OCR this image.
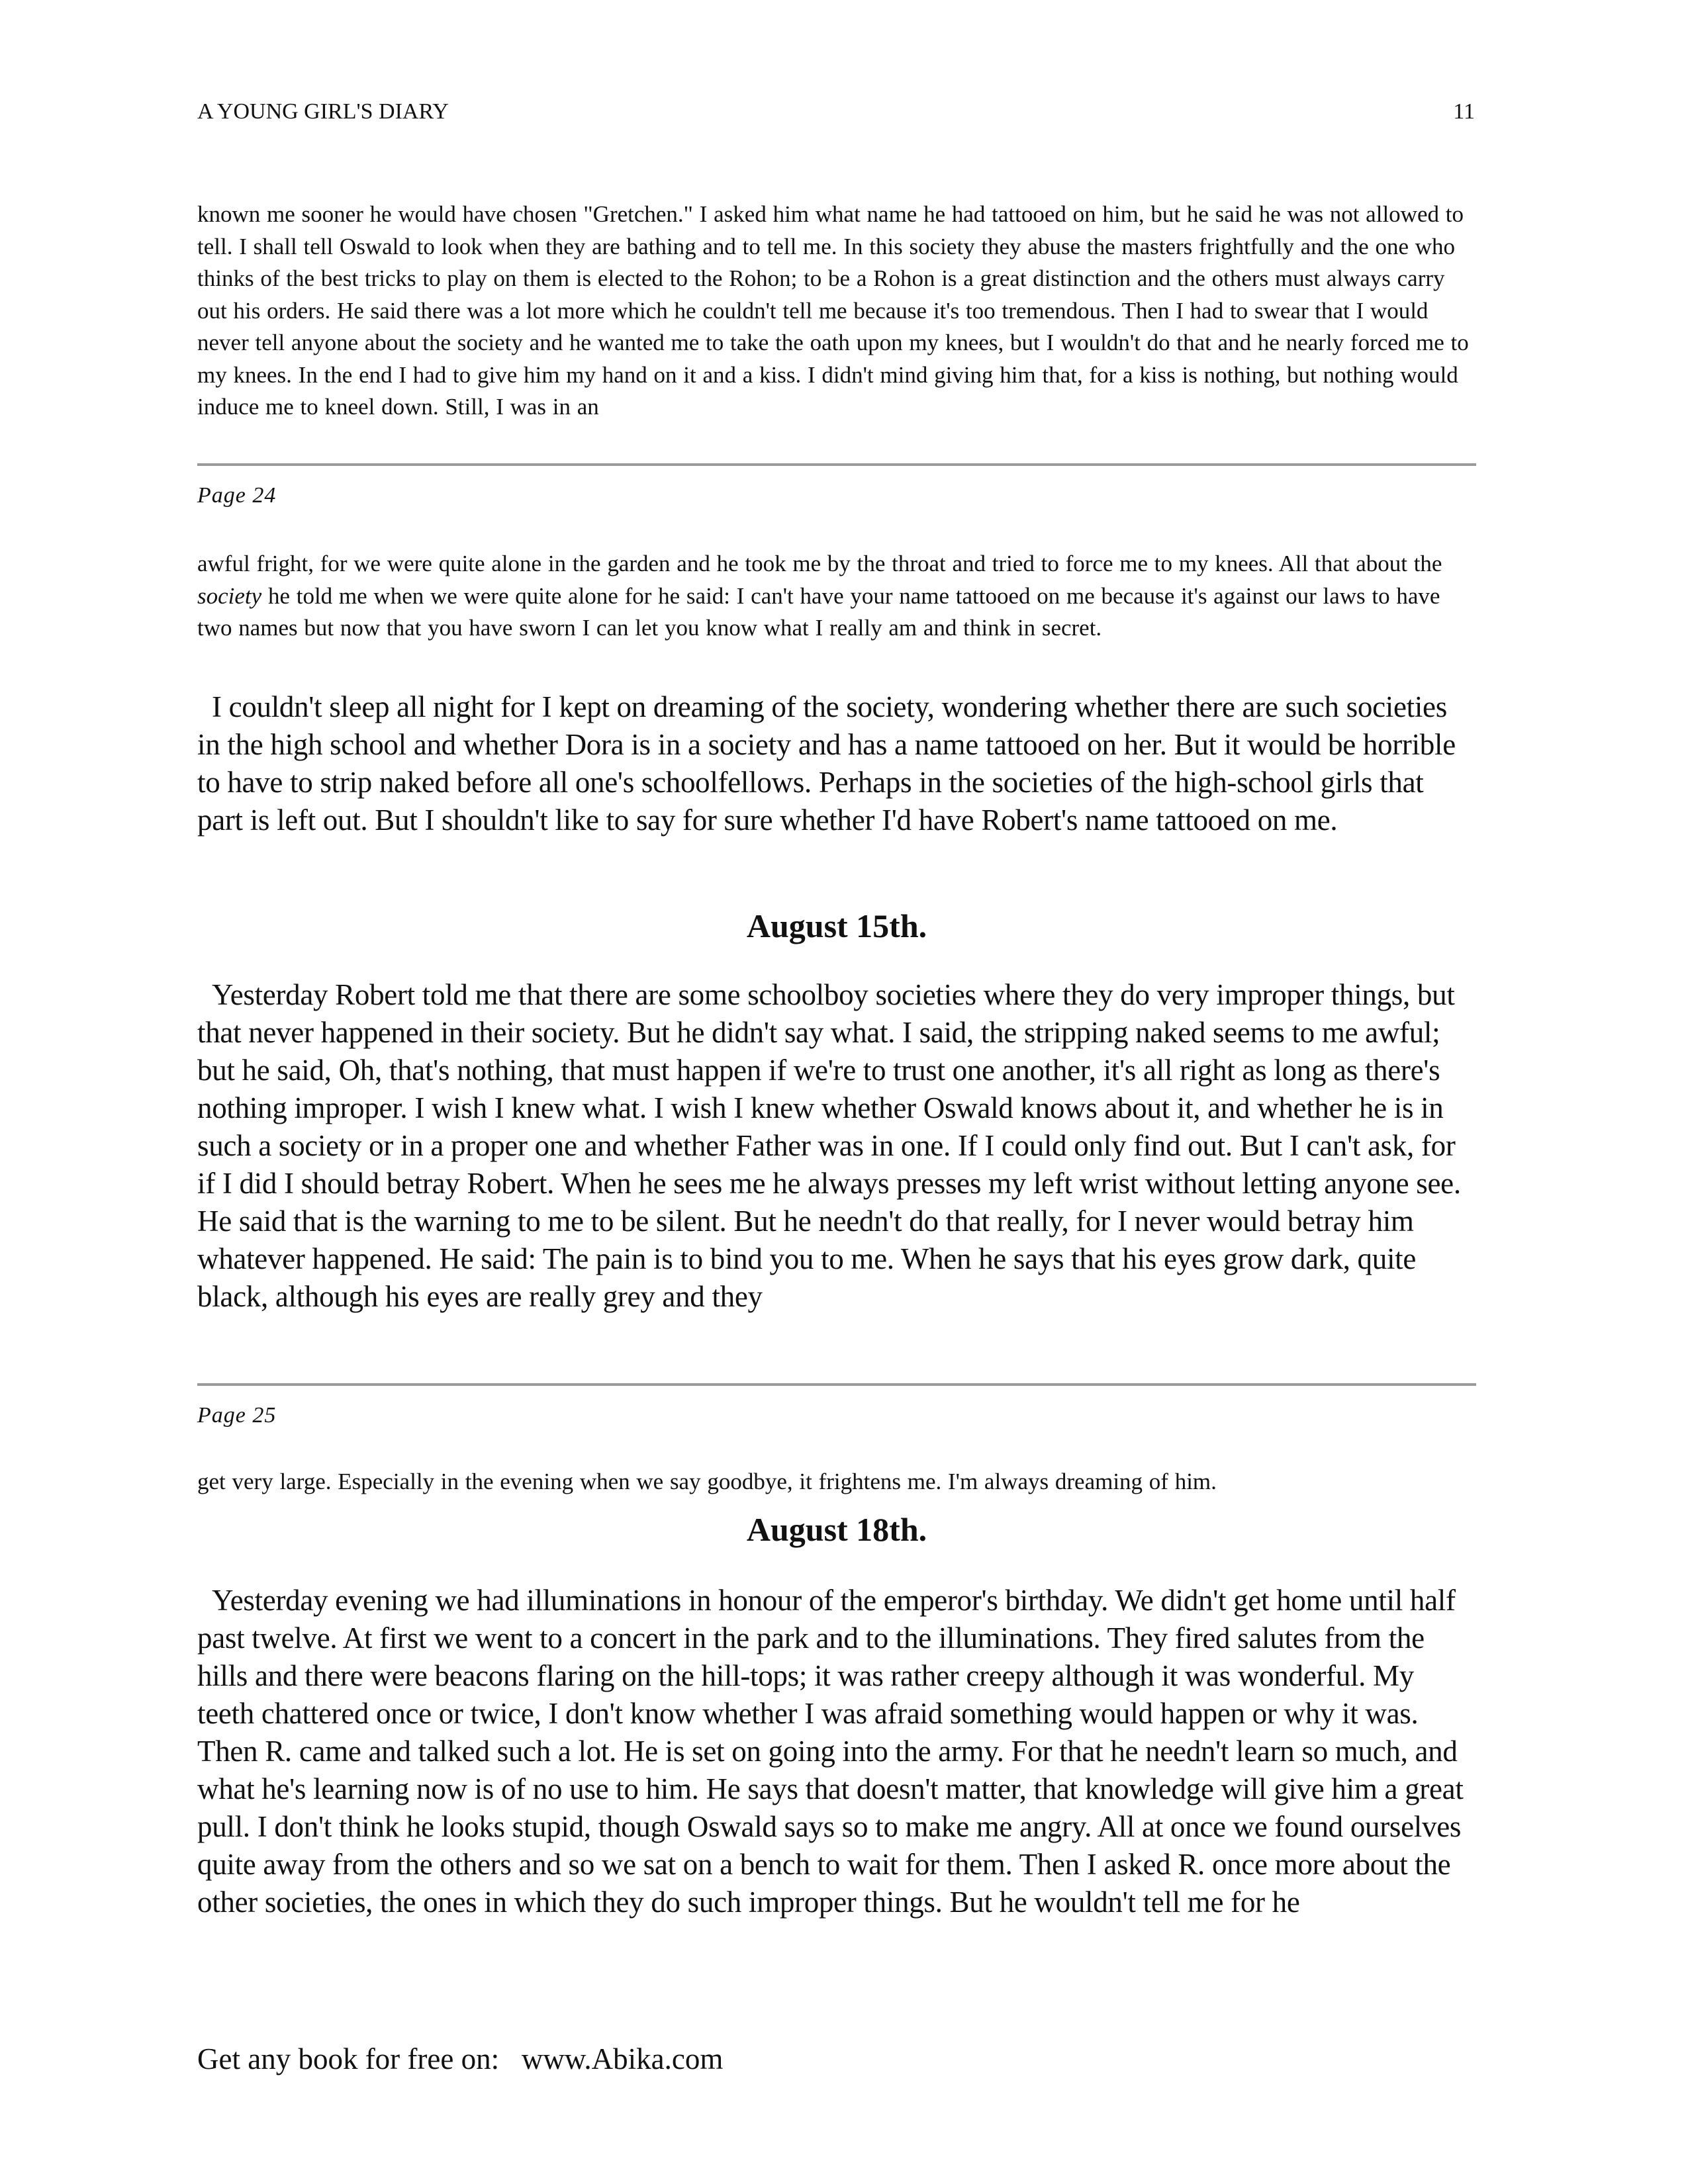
A YOUNG GIRL'S DIARY	11

known me sooner he would have chosen "Gretchen." I asked him what name he had tattooed on him, but he said he was not allowed to tell. I shall tell Oswald to look when they are bathing and to tell me. In this society they abuse the masters frightfully and the one who thinks of the best tricks to play on them is elected to the Rohon; to be a Rohon is a great distinction and the others must always carry out his orders. He said there was a lot more which he couldn't tell me because it's too tremendous. Then I had to swear that I would never tell anyone about the society and he wanted me to take the oath upon my knees, but I wouldn't do that and he nearly forced me to my knees. In the end I had to give him my hand on it and a kiss. I didn't mind giving him that, for a kiss is nothing, but nothing would induce me to kneel down. Still, I was in an

Page 24

awful fright, for we were quite alone in the garden and he took me by the throat and tried to force me to my knees. All that about the society he told me when we were quite alone for he said: I can't have your name tattooed on me because it's against our laws to have two names but now that you have sworn I can let you know what I really am and think in secret.

I couldn't sleep all night for I kept on dreaming of the society, wondering whether there are such societies in the high school and whether Dora is in a society and has a name tattooed on her. But it would be horrible to have to strip naked before all one's schoolfellows. Perhaps in the societies of the high-school girls that part is left out. But I shouldn't like to say for sure whether I'd have Robert's name tattooed on me.

August 15th.

Yesterday Robert told me that there are some schoolboy societies where they do very improper things, but that never happened in their society. But he didn't say what. I said, the stripping naked seems to me awful; but he said, Oh, that's nothing, that must happen if we're to trust one another, it's all right as long as there's nothing improper. I wish I knew what. I wish I knew whether Oswald knows about it, and whether he is in such a society or in a proper one and whether Father was in one. If I could only find out. But I can't ask, for if I did I should betray Robert. When he sees me he always presses my left wrist without letting anyone see. He said that is the warning to me to be silent. But he needn't do that really, for I never would betray him whatever happened. He said: The pain is to bind you to me. When he says that his eyes grow dark, quite black, although his eyes are really grey and they

Page 25

get very large. Especially in the evening when we say goodbye, it frightens me. I'm always dreaming of him.

August 18th.

Yesterday evening we had illuminations in honour of the emperor's birthday. We didn't get home until half past twelve. At first we went to a concert in the park and to the illuminations. They fired salutes from the hills and there were beacons flaring on the hill-tops; it was rather creepy although it was wonderful. My teeth chattered once or twice, I don't know whether I was afraid something would happen or why it was. Then R. came and talked such a lot. He is set on going into the army. For that he needn't learn so much, and what he's learning now is of no use to him. He says that doesn't matter, that knowledge will give him a great pull. I don't think he looks stupid, though Oswald says so to make me angry. All at once we found ourselves quite away from the others and so we sat on a bench to wait for them. Then I asked R. once more about the other societies, the ones in which they do such improper things. But he wouldn't tell me for he

Get any book for free on:   www.Abika.com
